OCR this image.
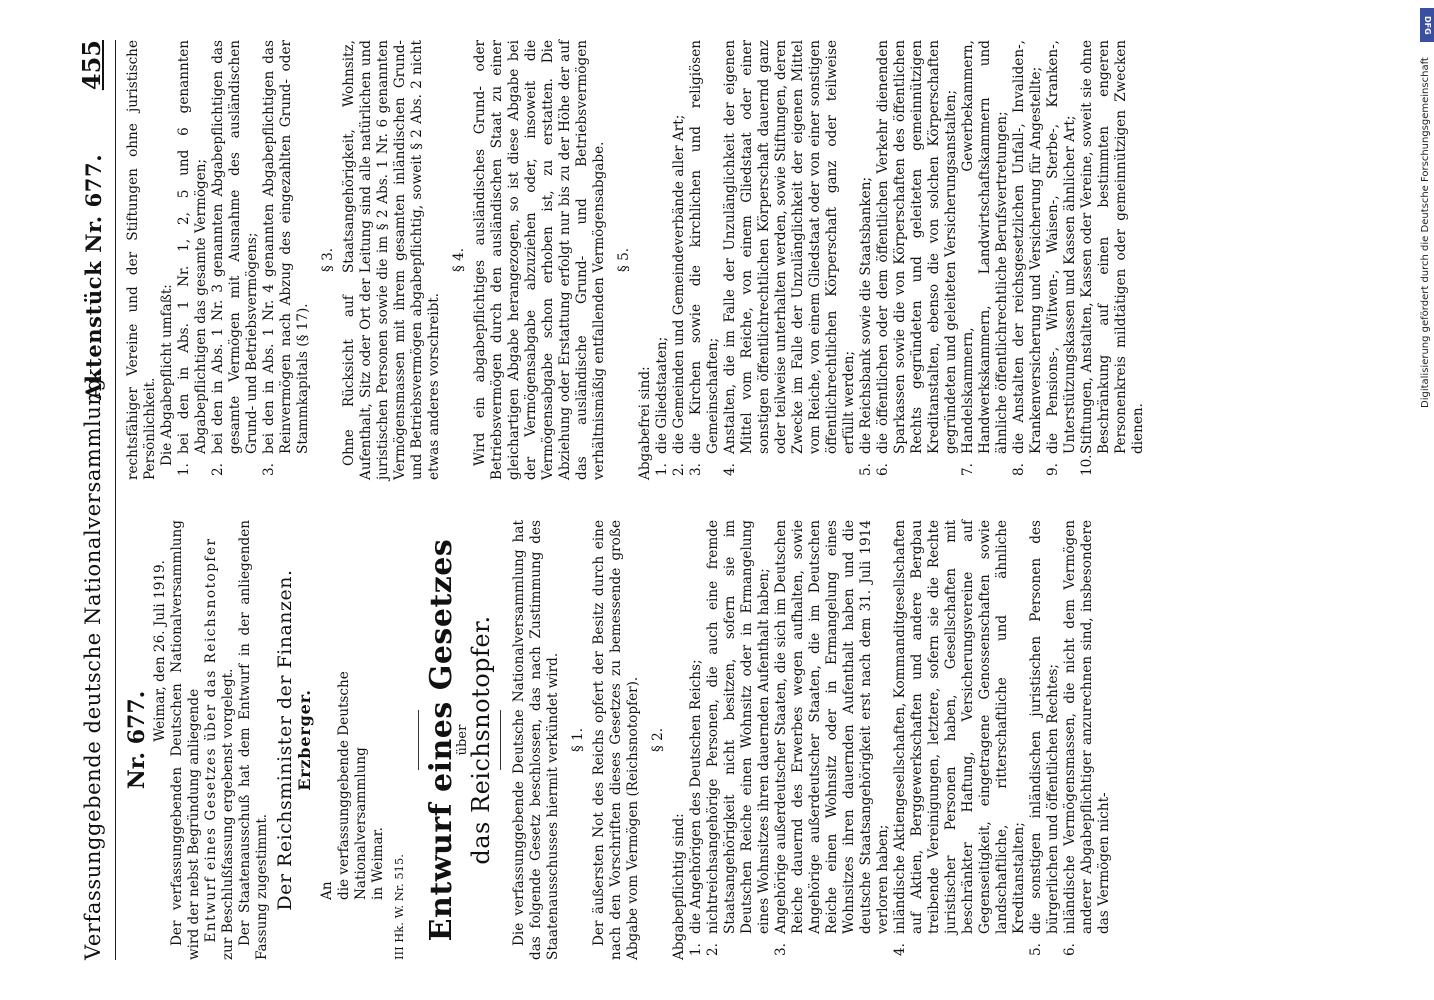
Verfassunggebende deutsche Nationalversammlung.
Aktenstück Nr. 677.
455
Nr. 677. Weimar, den 26. Juli 1919. Der verfassunggebenden Deutschen Nationalversammlung wird der nebst Begründung anliegende Entwurf eines Gesetzes über das Reichsnotopfer zur Beschlußfassung ergebenst vorgelegt. Der Staatenausschuß hat dem Entwurf in der anliegenden Fassung zugestimmt. Der Reichsminister der Finanzen. Erzberger.

An die verfassunggebende Deutsche Nationalversammlung in Weimar. III Hk. W. Nr. 515. Entwurf eines Gesetzes
über
das Reichsnotopfer. Die verfassunggebende Deutsche Nationalversammlung hat das folgende Gesetz beschlossen, das nach Zustimmung des Staatenausschusses hiermit verkündet wird. § 1. Der äußersten Not des Reichs opfert der Besitz durch eine nach den Vorschriften dieses Gesetzes zu bemessende große Abgabe vom Vermögen (Reichsnotopfer). § 2.

Abgabepflichtig sind: 1.
die Angehörigen des Deutschen Reichs;
2.
nichtreichsangehörige Personen, die auch eine fremde Staatsangehörigkeit nicht besitzen, sofern sie im Deutschen Reiche einen Wohnsitz oder in Ermangelung eines Wohnsitzes ihren dauernden Aufenthalt haben;
3.
Angehörige außerdeutscher Staaten, die sich im Deutschen Reiche dauernd des Erwerbes wegen aufhalten, sowie Angehörige außerdeutscher Staaten, die im Deutschen Reiche einen Wohnsitz oder in Ermangelung eines Wohnsitzes ihren dauernden Aufenthalt haben und die deutsche Staatsangehörigkeit erst nach dem 31. Juli 1914 verloren haben;
4.
inländische Aktiengesellschaften, Kommanditgesellschaften auf Aktien, Berggewerkschaften und andere Bergbau treibende Vereinigungen, letztere, sofern sie die Rechte juristischer Personen haben, Gesellschaften mit beschränkter Haftung, Versicherungsvereine auf Gegenseitigkeit, eingetragene Genossenschaften sowie landschaftliche, ritterschaftliche und ähnliche Kreditanstalten;
5.
die sonstigen inländischen juristischen Personen des bürgerlichen und öffentlichen Rechtes;
6.
inländische Vermögensmassen, die nicht dem Vermögen anderer Abgabepflichtiger anzurechnen sind, insbesondere das Vermögen nicht-

rechtsfähiger Vereine und der Stiftungen ohne juristische Persönlichkeit. Die Abgabepflicht umfaßt:

1.
bei den in Abs. 1 Nr. 1, 2, 5 und 6 genannten Abgabepflichtigen das gesamte Vermögen;
2.
bei den in Abs. 1 Nr. 3 genannten Abgabepflichtigen das gesamte Vermögen mit Ausnahme des ausländischen Grund- und Betriebsvermögens;
3.
bei den in Abs. 1 Nr. 4 genannten Abgabepflichtigen das Reinvermögen nach Abzug des eingezahlten Grund- oder Stammkapitals (§ 17).
§ 3. Ohne Rücksicht auf Staatsangehörigkeit, Wohnsitz, Aufenthalt, Sitz oder Ort der Leitung sind alle natürlichen und juristischen Personen sowie die im § 2 Abs. 1 Nr. 6 genannten Vermögensmassen mit ihrem gesamten inländischen Grund- und Betriebsvermögen abgabepflichtig, soweit § 2 Abs. 2 nicht etwas anderes vorschreibt.

§ 4. Wird ein abgabepflichtiges ausländisches Grund- oder Betriebsvermögen durch den ausländischen Staat zu einer gleichartigen Abgabe herangezogen, so ist diese Abgabe bei der Vermögensabgabe abzuziehen oder, insoweit die Vermögensabgabe schon erhoben ist, zu erstatten. Die Abziehung oder Erstattung erfolgt nur bis zu der Höhe der auf das ausländische Grund- und Betriebsvermögen verhältnismäßig entfallenden Vermögensabgabe. § 5.

Abgabefrei sind: 1.
die Gliedstaaten;
2.
die Gemeinden und Gemeindeverbände aller Art;
3.
die Kirchen sowie die kirchlichen und religiösen Gemeinschaften;
4.
Anstalten, die im Falle der Unzulänglichkeit der eigenen Mittel vom Reiche, von einem Gliedstaat oder einer sonstigen öffentlichrechtlichen Körperschaft dauernd ganz oder teilweise unterhalten werden, sowie Stiftungen, deren Zwecke im Falle der Unzulänglichkeit der eigenen Mittel vom Reiche, von einem Gliedstaat oder von einer sonstigen öffentlichrechtlichen Körperschaft ganz oder teilweise erfüllt werden;
5.
die Reichsbank sowie die Staatsbanken;
6.
die öffentlichen oder dem öffentlichen Verkehr dienenden Sparkassen sowie die von Körperschaften des öffentlichen Rechts gegründeten und geleiteten gemeinnützigen Kreditanstalten, ebenso die von solchen Körperschaften gegründeten und geleiteten Versicherungsanstalten;
7.
Handelskammern, Gewerbekammern, Handwerkskammern, Landwirtschaftskammern und ähnliche öffentlichrechtliche Berufsvertretungen;
8.
die Anstalten der reichsgesetzlichen Unfall-, Invaliden-, Krankenversicherung und Versicherung für Angestellte;
9.
die Pensions-, Witwen-, Waisen-, Sterbe-, Kranken-, Unterstützungskassen und Kassen ähnlicher Art;
10.
Stiftungen, Anstalten, Kassen oder Vereine, soweit sie ohne Beschränkung auf einen bestimmten engeren Personenkreis mildtätigen oder gemeinnützigen Zwecken dienen.
DFG
Digitalisierung gefördert durch die Deutsche Forschungsgemeinschaft
